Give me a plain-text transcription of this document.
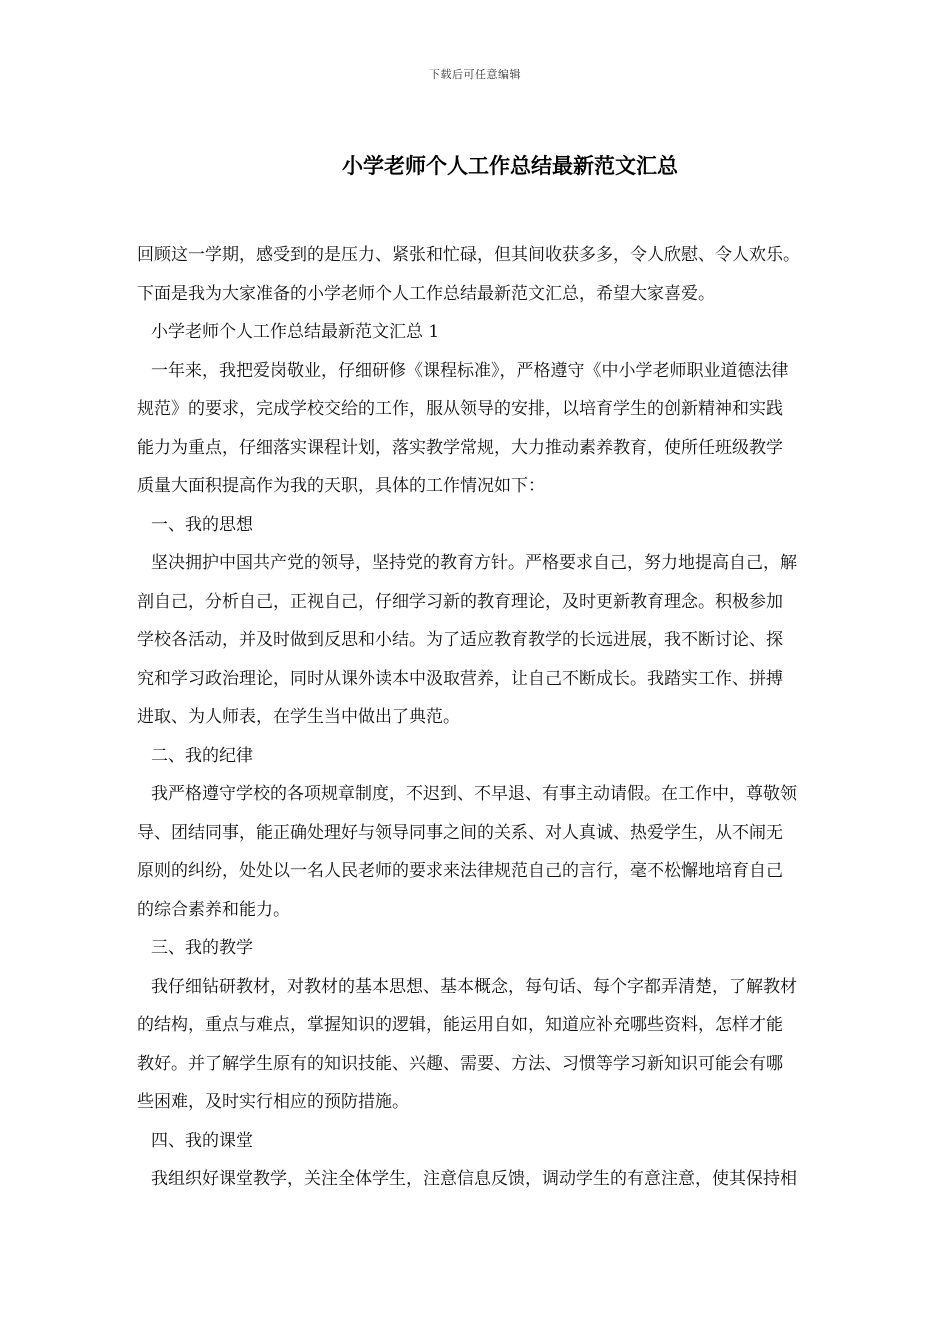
下载后可任意编辑
小学老师个人工作总结最新范文汇总

回顾这一学期，感受到的是压力、紧张和忙碌，但其间收获多多，令人欣慰、令人欢乐。

下面是我为大家准备的小学老师个人工作总结最新范文汇总，希望大家喜爱。

小学老师个人工作总结最新范文汇总 1

一年来，我把爱岗敬业，仔细研修《课程标准》，严格遵守《中小学老师职业道德法律

规范》的要求，完成学校交给的工作，服从领导的安排，以培育学生的创新精神和实践

能力为重点，仔细落实课程计划，落实教学常规，大力推动素养教育，使所任班级教学

质量大面积提高作为我的天职，具体的工作情况如下：

一、我的思想

坚决拥护中国共产党的领导，坚持党的教育方针。严格要求自己，努力地提高自己，解

剖自己，分析自己，正视自己，仔细学习新的教育理论，及时更新教育理念。积极参加

学校各活动，并及时做到反思和小结。为了适应教育教学的长远进展，我不断讨论、探

究和学习政治理论，同时从课外读本中汲取营养，让自己不断成长。我踏实工作、拼搏

进取、为人师表，在学生当中做出了典范。

二、我的纪律

我严格遵守学校的各项规章制度，不迟到、不早退、有事主动请假。在工作中，尊敬领

导、团结同事，能正确处理好与领导同事之间的关系、对人真诚、热爱学生，从不闹无

原则的纠纷，处处以一名人民老师的要求来法律规范自己的言行，毫不松懈地培育自己

的综合素养和能力。

三、我的教学

我仔细钻研教材，对教材的基本思想、基本概念，每句话、每个字都弄清楚，了解教材

的结构，重点与难点，掌握知识的逻辑，能运用自如，知道应补充哪些资料，怎样才能

教好。并了解学生原有的知识技能、兴趣、需要、方法、习惯等学习新知识可能会有哪

些困难，及时实行相应的预防措施。

四、我的课堂

我组织好课堂教学，关注全体学生，注意信息反馈，调动学生的有意注意，使其保持相
